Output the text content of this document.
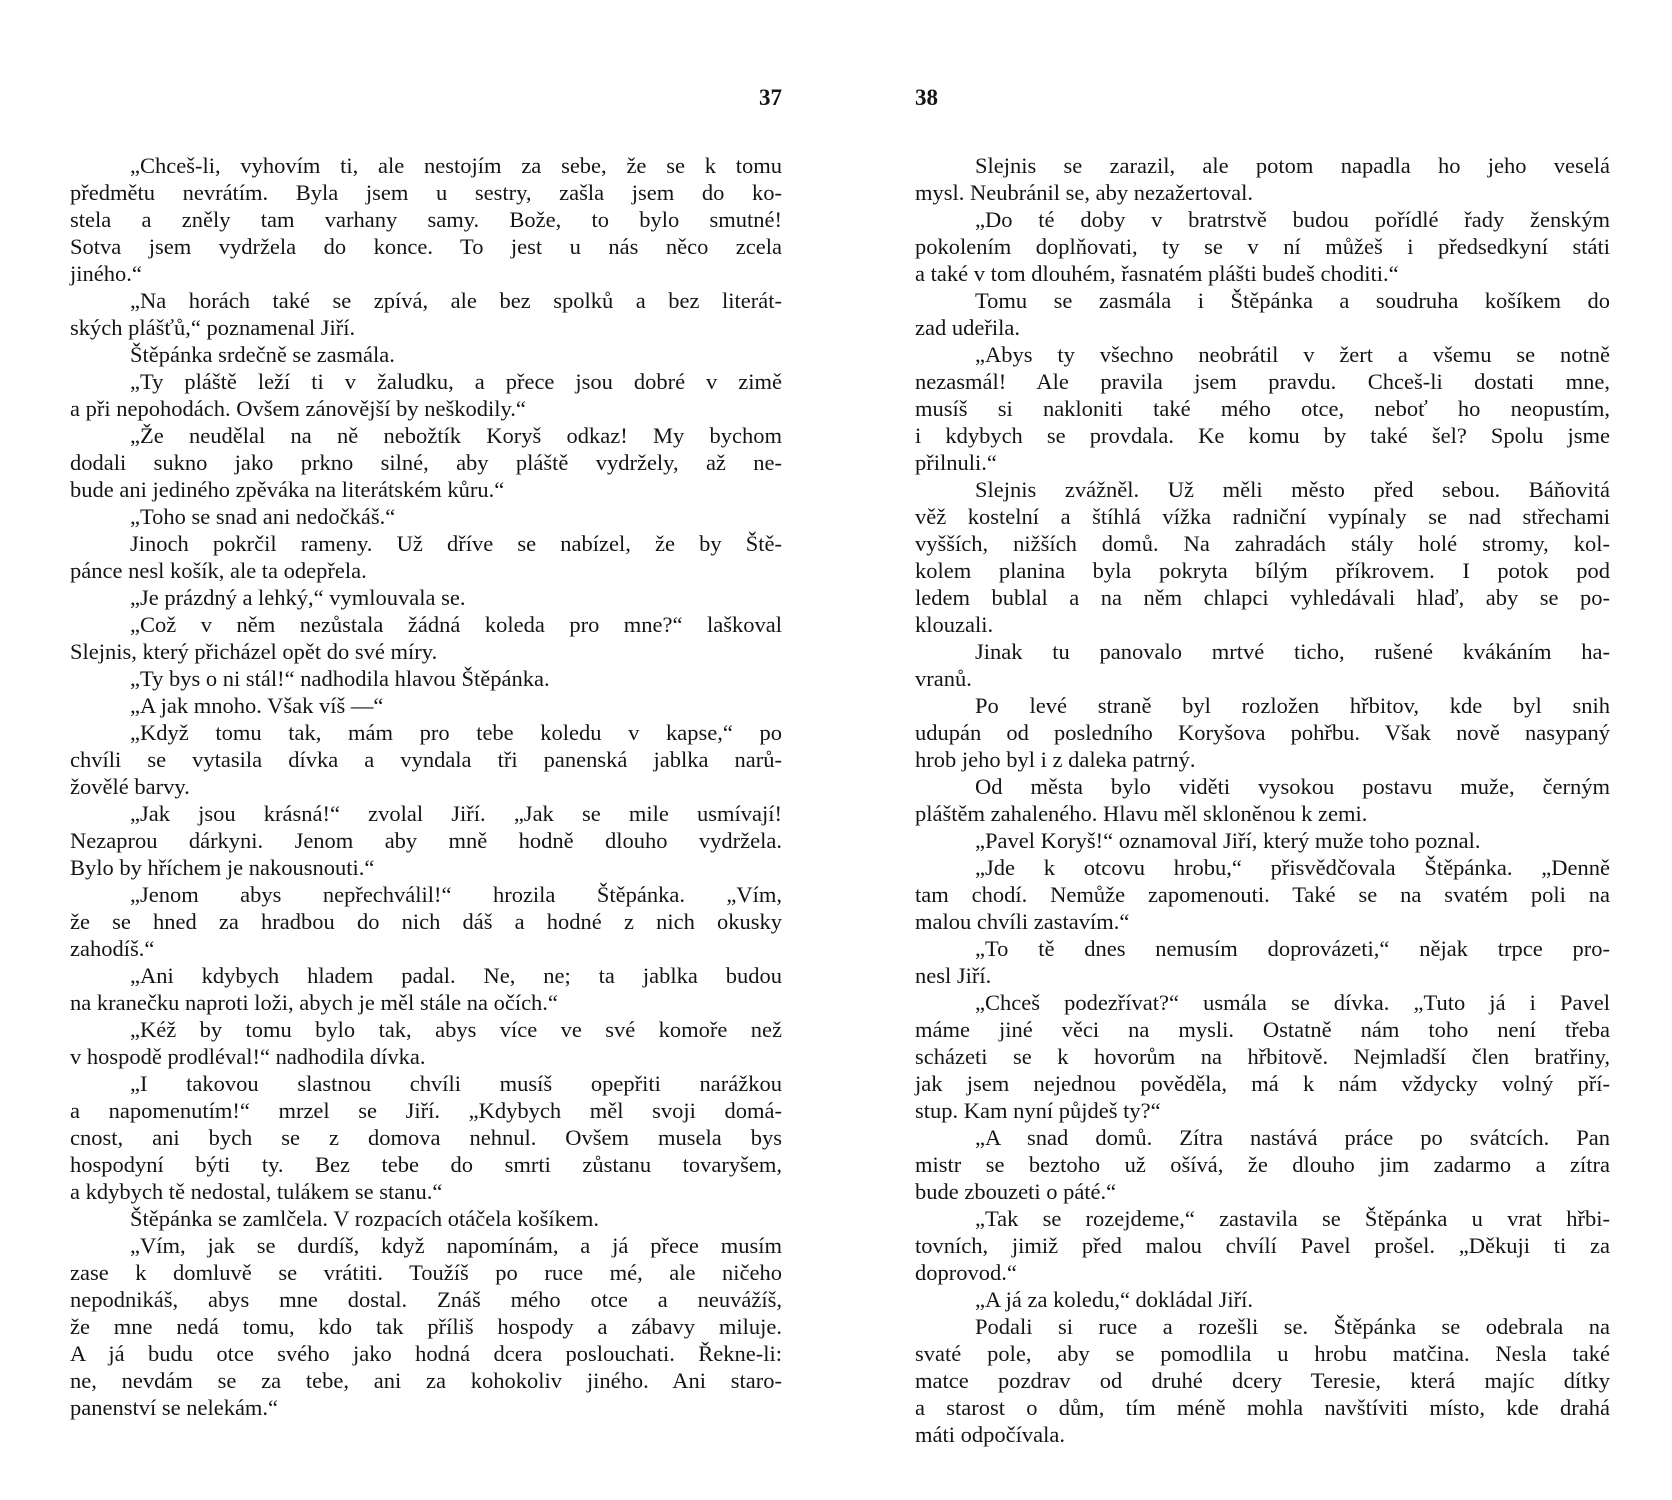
37
„Chceš-li, vyhovím ti, ale nestojím za sebe, že se k tomu
předmětu nevrátím. Byla jsem u sestry, zašla jsem do ko-
stela a zněly tam varhany samy. Bože, to bylo smutné!
Sotva jsem vydržela do konce. To jest u nás něco zcela
jiného.“
„Na horách také se zpívá, ale bez spolků a bez literát-
ských plášťů,“ poznamenal Jiří.
Štěpánka srdečně se zasmála.
„Ty pláště leží ti v žaludku, a přece jsou dobré v zimě
a při nepohodách. Ovšem zánovější by neškodily.“
„Že neudělal na ně nebožtík Koryš odkaz! My bychom
dodali sukno jako prkno silné, aby pláště vydržely, až ne-
bude ani jediného zpěváka na literátském kůru.“
„Toho se snad ani nedočkáš.“
Jinoch pokrčil rameny. Už dříve se nabízel, že by Ště-
pánce nesl košík, ale ta odepřela.
„Je prázdný a lehký,“ vymlouvala se.
„Což v něm nezůstala žádná koleda pro mne?“ laškoval
Slejnis, který přicházel opět do své míry.
„Ty bys o ni stál!“ nadhodila hlavou Štěpánka.
„A jak mnoho. Však víš —“
„Když tomu tak, mám pro tebe koledu v kapse,“ po
chvíli se vytasila dívka a vyndala tři panenská jablka narů-
žovělé barvy.
„Jak jsou krásná!“ zvolal Jiří. „Jak se mile usmívají!
Nezaprou dárkyni. Jenom aby mně hodně dlouho vydržela.
Bylo by hříchem je nakousnouti.“
„Jenom abys nepřechválil!“ hrozila Štěpánka. „Vím,
že se hned za hradbou do nich dáš a hodné z nich okusky
zahodíš.“
„Ani kdybych hladem padal. Ne, ne; ta jablka budou
na kranečku naproti loži, abych je měl stále na očích.“
„Kéž by tomu bylo tak, abys více ve své komoře než
v hospodě prodléval!“ nadhodila dívka.
„I takovou slastnou chvíli musíš opepřiti narážkou
a napomenutím!“ mrzel se Jiří. „Kdybych měl svoji domá-
cnost, ani bych se z domova nehnul. Ovšem musela bys
hospodyní býti ty. Bez tebe do smrti zůstanu tovaryšem,
a kdybych tě nedostal, tulákem se stanu.“
Štěpánka se zamlčela. V rozpacích otáčela košíkem.
„Vím, jak se durdíš, když napomínám, a já přece musím
zase k domluvě se vrátiti. Toužíš po ruce mé, ale ničeho
nepodnikáš, abys mne dostal. Znáš mého otce a neuvážíš,
že mne nedá tomu, kdo tak příliš hospody a zábavy miluje.
A já budu otce svého jako hodná dcera poslouchati. Řekne-li:
ne, nevdám se za tebe, ani za kohokoliv jiného. Ani staro-
panenství se nelekám.“
38
Slejnis se zarazil, ale potom napadla ho jeho veselá
mysl. Neubránil se, aby nezažertoval.
„Do té doby v bratrstvě budou pořídlé řady ženským
pokolením doplňovati, ty se v ní můžeš i předsedkyní státi
a také v tom dlouhém, řasnatém plášti budeš choditi.“
Tomu se zasmála i Štěpánka a soudruha košíkem do
zad udeřila.
„Abys ty všechno neobrátil v žert a všemu se notně
nezasmál! Ale pravila jsem pravdu. Chceš-li dostati mne,
musíš si nakloniti také mého otce, neboť ho neopustím,
i kdybych se provdala. Ke komu by také šel? Spolu jsme
přilnuli.“
Slejnis zvážněl. Už měli město před sebou. Báňovitá
věž kostelní a štíhlá vížka radniční vypínaly se nad střechami
vyšších, nižších domů. Na zahradách stály holé stromy, kol-
kolem planina byla pokryta bílým příkrovem. I potok pod
ledem bublal a na něm chlapci vyhledávali hlaď, aby se po-
klouzali.
Jinak tu panovalo mrtvé ticho, rušené kvákáním ha-
vranů.
Po levé straně byl rozložen hřbitov, kde byl snih
udupán od posledního Koryšova pohřbu. Však nově nasypaný
hrob jeho byl i z daleka patrný.
Od města bylo viděti vysokou postavu muže, černým
pláštěm zahaleného. Hlavu měl skloněnou k zemi.
„Pavel Koryš!“ oznamoval Jiří, který muže toho poznal.
„Jde k otcovu hrobu,“ přisvědčovala Štěpánka. „Denně
tam chodí. Nemůže zapomenouti. Také se na svatém poli na
malou chvíli zastavím.“
„To tě dnes nemusím doprovázeti,“ nějak trpce pro-
nesl Jiří.
„Chceš podezřívat?“ usmála se dívka. „Tuto já i Pavel
máme jiné věci na mysli. Ostatně nám toho není třeba
scházeti se k hovorům na hřbitově. Nejmladší člen bratřiny,
jak jsem nejednou pověděla, má k nám vždycky volný pří-
stup. Kam nyní půjdeš ty?“
„A snad domů. Zítra nastává práce po svátcích. Pan
mistr se beztoho už ošívá, že dlouho jim zadarmo a zítra
bude zbouzeti o páté.“
„Tak se rozejdeme,“ zastavila se Štěpánka u vrat hřbi-
tovních, jimiž před malou chvílí Pavel prošel. „Děkuji ti za
doprovod.“
„A já za koledu,“ dokládal Jiří.
Podali si ruce a rozešli se. Štěpánka se odebrala na
svaté pole, aby se pomodlila u hrobu matčina. Nesla také
matce pozdrav od druhé dcery Teresie, která majíc dítky
a starost o dům, tím méně mohla navštíviti místo, kde drahá
máti odpočívala.
